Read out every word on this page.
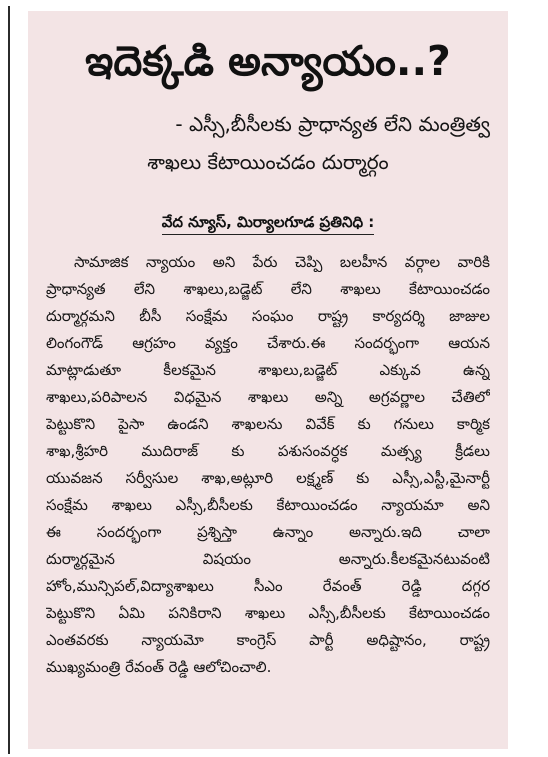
ఇదెక్కడి అన్యాయం..?
- ఎస్సీ,బీసీలకు ప్రాధాన్యత లేని మంత్రిత్వ
శాఖలు కేటాయించడం దుర్మార్గం
వేద న్యూస్, మిర్యాలగూడ ప్రతినిధి :
సామాజిక న్యాయం అని పేరు చెప్పి బలహీన వర్గాల వారికి
ప్రాధాన్యత లేని శాఖలు,బడ్జెట్ లేని శాఖలు కేటాయించడం
దుర్మార్గమని బీసీ సంక్షేమ సంఘం రాష్ట్ర కార్యదర్శి జాజుల
లింగంగౌడ్ ఆగ్రహం వ్యక్తం చేశారు.ఈ సందర్భంగా ఆయన
మాట్లాడుతూ కీలకమైన శాఖలు,బడ్జెట్ ఎక్కువ ఉన్న
శాఖలు,పరిపాలన విధమైన శాఖలు అన్ని అగ్రవర్ణాల చేతిలో
పెట్టుకొని పైసా ఉండని శాఖలను వివేక్ కు గనులు కార్మిక
శాఖ,శ్రీహరి ముదిరాజ్ కు పశుసంవర్ధక మత్స్య క్రీడలు
యువజన సర్వీసుల శాఖ,అట్లూరి లక్ష్మణ్ కు ఎస్సీ,ఎస్టీ,మైనార్టీ
సంక్షేమ శాఖలు ఎస్సీ,బీసీలకు కేటాయించడం న్యాయమా అని
ఈ సందర్భంగా ప్రశ్నిస్తా ఉన్నాం అన్నారు.ఇది చాలా
దుర్మార్గమైన విషయం అన్నారు.కీలకమైనటువంటి
హోం,మున్సిపల్,విద్యాశాఖలు సీఎం రేవంత్ రెడ్డి దగ్గర
పెట్టుకొని ఏమి పనికిరాని శాఖలు ఎస్సీ,బీసీలకు కేటాయించడం
ఎంతవరకు న్యాయమో కాంగ్రెస్ పార్టీ అధిష్టానం, రాష్ట్ర
ముఖ్యమంత్రి రేవంత్ రెడ్డి ఆలోచించాలి.
